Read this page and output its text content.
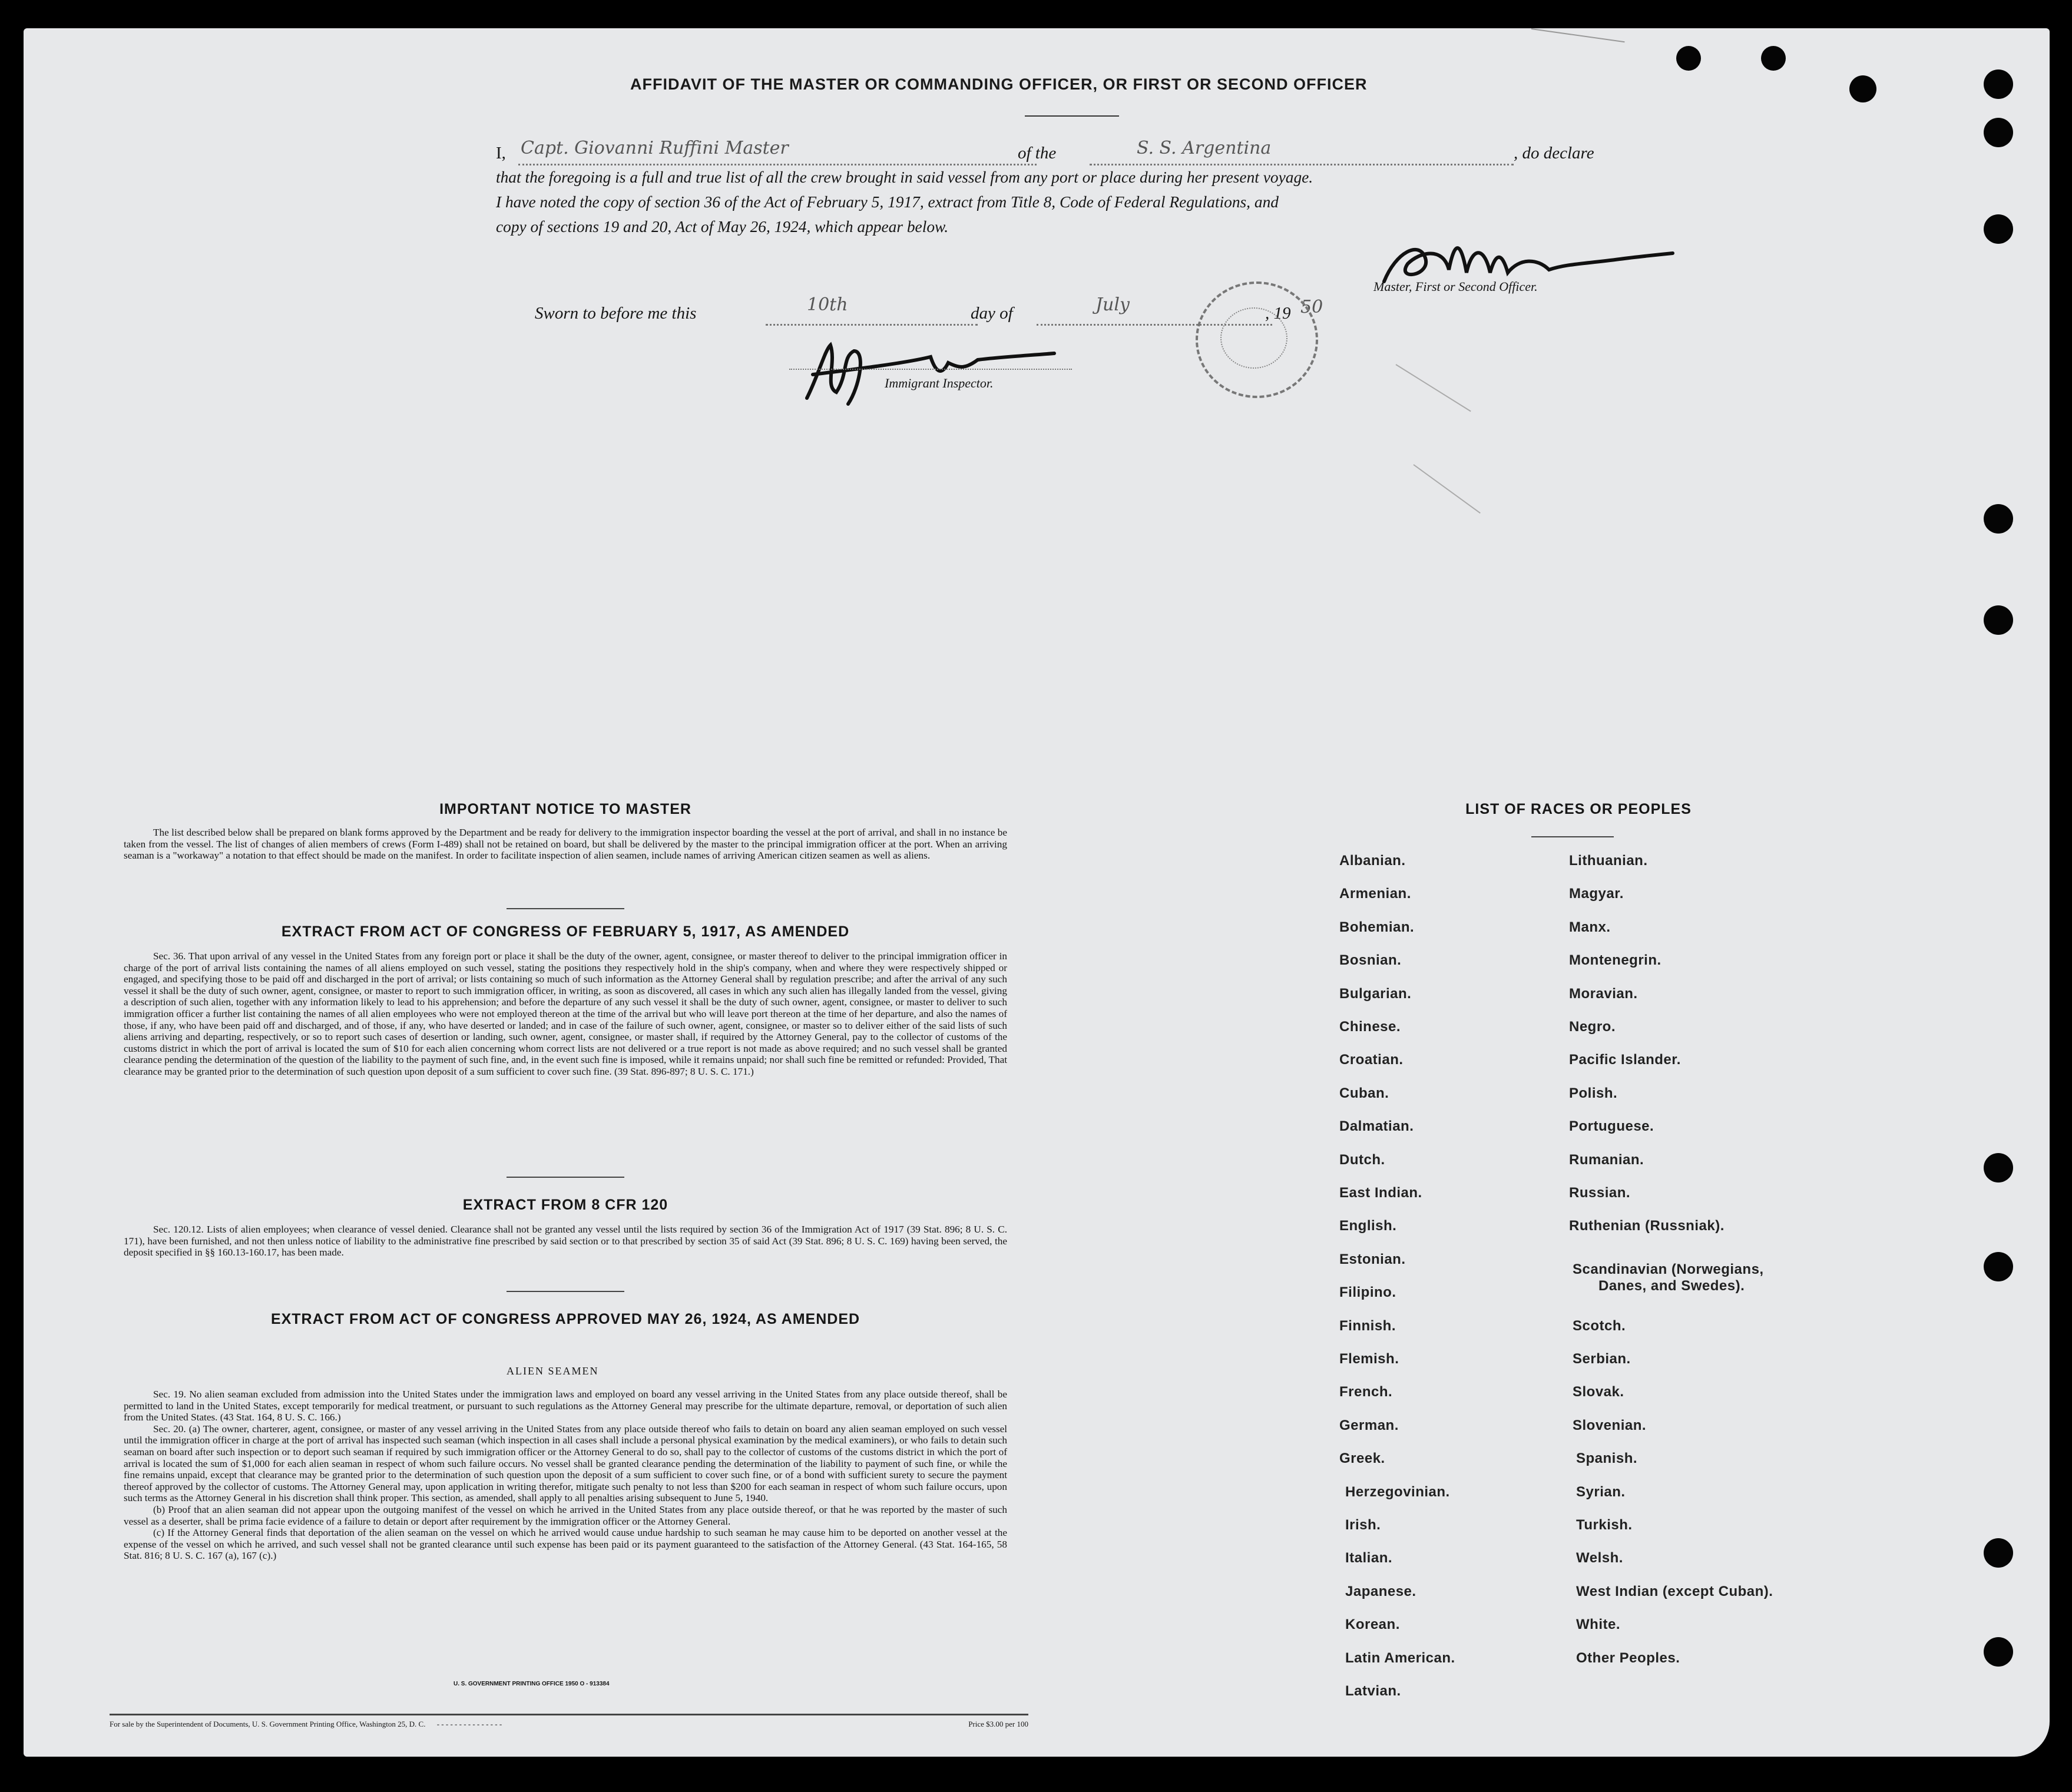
AFFIDAVIT OF THE MASTER OR COMMANDING OFFICER, OR FIRST OR SECOND OFFICER
I, Capt. Giovanni Ruffini Master	of the	S. S. Argentina	, do declare
that the foregoing is a full and true list of all the crew brought in said vessel from any port or place during her present voyage.
I have noted the copy of section 36 of the Act of February 5, 1917, extract from Title 8, Code of Federal Regulations, and
copy of sections 19 and 20, Act of May 26, 1924, which appear below.
Master, First or Second Officer.
Sworn to before me this	10th	day of	July	, 19 50
Immigrant Inspector.
IMPORTANT NOTICE TO MASTER
The list described below shall be prepared on blank forms approved by the Department and be ready for delivery to the immigration inspector boarding the vessel at the port of arrival, and shall in no instance be taken from the vessel. The list of changes of alien members of crews (Form I-489) shall not be retained on board, but shall be delivered by the master to the principal immigration officer at the port. When an arriving seaman is a "workaway" a notation to that effect should be made on the manifest. In order to facilitate inspection of alien seamen, include names of arriving American citizen seamen as well as aliens.
EXTRACT FROM ACT OF CONGRESS OF FEBRUARY 5, 1917, AS AMENDED
Sec. 36. That upon arrival of any vessel in the United States from any foreign port or place it shall be the duty of the owner, agent, consignee, or master thereof to deliver to the principal immigration officer in charge of the port of arrival lists containing the names of all aliens employed on such vessel, stating the positions they respectively hold in the ship's company, when and where they were respectively shipped or engaged, and specifying those to be paid off and discharged in the port of arrival; or lists containing so much of such information as the Attorney General shall by regulation prescribe; and after the arrival of any such vessel it shall be the duty of such owner, agent, consignee, or master to report to such immigration officer, in writing, as soon as discovered, all cases in which any such alien has illegally landed from the vessel, giving a description of such alien, together with any information likely to lead to his apprehension; and before the departure of any such vessel it shall be the duty of such owner, agent, consignee, or master to deliver to such immigration officer a further list containing the names of all alien employees who were not employed thereon at the time of the arrival but who will leave port thereon at the time of her departure, and also the names of those, if any, who have been paid off and discharged, and of those, if any, who have deserted or landed; and in case of the failure of such owner, agent, consignee, or master so to deliver either of the said lists of such aliens arriving and departing, respectively, or so to report such cases of desertion or landing, such owner, agent, consignee, or master shall, if required by the Attorney General, pay to the collector of customs of the customs district in which the port of arrival is located the sum of $10 for each alien concerning whom correct lists are not delivered or a true report is not made as above required; and no such vessel shall be granted clearance pending the determination of the question of the liability to the payment of such fine, and, in the event such fine is imposed, while it remains unpaid; nor shall such fine be remitted or refunded: Provided, That clearance may be granted prior to the determination of such question upon deposit of a sum sufficient to cover such fine. (39 Stat. 896-897; 8 U. S. C. 171.)
EXTRACT FROM 8 CFR 120
Sec. 120.12. Lists of alien employees; when clearance of vessel denied. Clearance shall not be granted any vessel until the lists required by section 36 of the Immigration Act of 1917 (39 Stat. 896; 8 U. S. C. 171), have been furnished, and not then unless notice of liability to the administrative fine prescribed by said section or to that prescribed by section 35 of said Act (39 Stat. 896; 8 U. S. C. 169) having been served, the deposit specified in §§ 160.13-160.17, has been made.
EXTRACT FROM ACT OF CONGRESS APPROVED MAY 26, 1924, AS AMENDED
ALIEN SEAMEN
Sec. 19. No alien seaman excluded from admission into the United States under the immigration laws and employed on board any vessel arriving in the United States from any place outside thereof, shall be permitted to land in the United States, except temporarily for medical treatment, or pursuant to such regulations as the Attorney General may prescribe for the ultimate departure, removal, or deportation of such alien from the United States. (43 Stat. 164, 8 U. S. C. 166.)
Sec. 20. (a) The owner, charterer, agent, consignee, or master of any vessel arriving in the United States from any place outside thereof who fails to detain on board any alien seaman employed on such vessel until the immigration officer in charge at the port of arrival has inspected such seaman (which inspection in all cases shall include a personal physical examination by the medical examiners), or who fails to detain such seaman on board after such inspection or to deport such seaman if required by such immigration officer or the Attorney General to do so, shall pay to the collector of customs of the customs district in which the port of arrival is located the sum of $1,000 for each alien seaman in respect of whom such failure occurs. No vessel shall be granted clearance pending the determination of the liability to payment of such fine, or while the fine remains unpaid, except that clearance may be granted prior to the determination of such question upon the deposit of a sum sufficient to cover such fine, or of a bond with sufficient surety to secure the payment thereof approved by the collector of customs. The Attorney General may, upon application in writing therefor, mitigate such penalty to not less than $200 for each seaman in respect of whom such failure occurs, upon such terms as the Attorney General in his discretion shall think proper. This section, as amended, shall apply to all penalties arising subsequent to June 5, 1940.
(b) Proof that an alien seaman did not appear upon the outgoing manifest of the vessel on which he arrived in the United States from any place outside thereof, or that he was reported by the master of such vessel as a deserter, shall be prima facie evidence of a failure to detain or deport after requirement by the immigration officer or the Attorney General.
(c) If the Attorney General finds that deportation of the alien seaman on the vessel on which he arrived would cause undue hardship to such seaman he may cause him to be deported on another vessel at the expense of the vessel on which he arrived, and such vessel shall not be granted clearance until such expense has been paid or its payment guaranteed to the satisfaction of the Attorney General. (43 Stat. 164-165, 58 Stat. 816; 8 U. S. C. 167 (a), 167 (c).)
U. S. GOVERNMENT PRINTING OFFICE 1950 O - 913384
For sale by the Superintendent of Documents, U. S. Government Printing Office, Washington 25, D. C. - - - - - - - - - - - - - - -	Price $3.00 per 100
LIST OF RACES OR PEOPLES
Albanian.
Armenian.
Bohemian.
Bosnian.
Bulgarian.
Chinese.
Croatian.
Cuban.
Dalmatian.
Dutch.
East Indian.
English.
Estonian.
Filipino.
Finnish.
Flemish.
French.
German.
Greek.
Herzegovinian.
Irish.
Italian.
Japanese.
Korean.
Latin American.
Latvian.
Lithuanian.
Magyar.
Manx.
Montenegrin.
Moravian.
Negro.
Pacific Islander.
Polish.
Portuguese.
Rumanian.
Russian.
Ruthenian (Russniak).
Scandinavian (Norwegians,
Danes, and Swedes).
Scotch.
Serbian.
Slovak.
Slovenian.
Spanish.
Syrian.
Turkish.
Welsh.
West Indian (except Cuban).
White.
Other Peoples.
